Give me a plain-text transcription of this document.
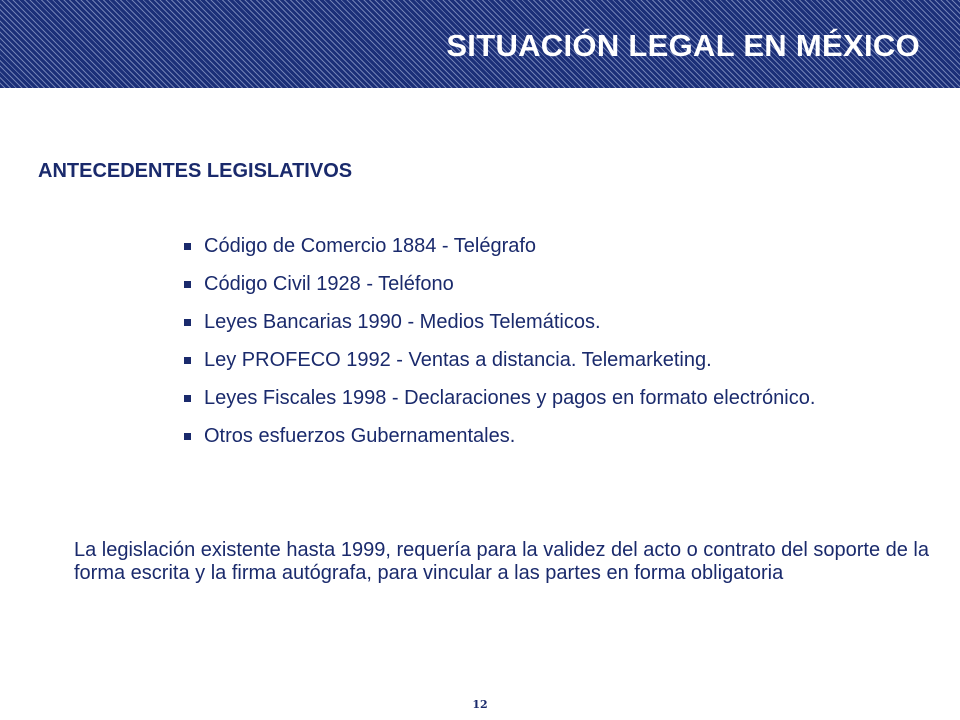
SITUACIÓN LEGAL EN MÉXICO
ANTECEDENTES LEGISLATIVOS
Código de Comercio 1884 - Telégrafo
Código Civil 1928 - Teléfono
Leyes Bancarias 1990 - Medios Telemáticos.
Ley PROFECO 1992 - Ventas a distancia. Telemarketing.
Leyes Fiscales 1998 - Declaraciones y pagos en formato electrónico.
Otros esfuerzos Gubernamentales.

La legislación existente hasta 1999, requería para la validez del acto o contrato del soporte de la forma escrita y la firma autógrafa, para vincular a las partes en forma obligatoria

12
